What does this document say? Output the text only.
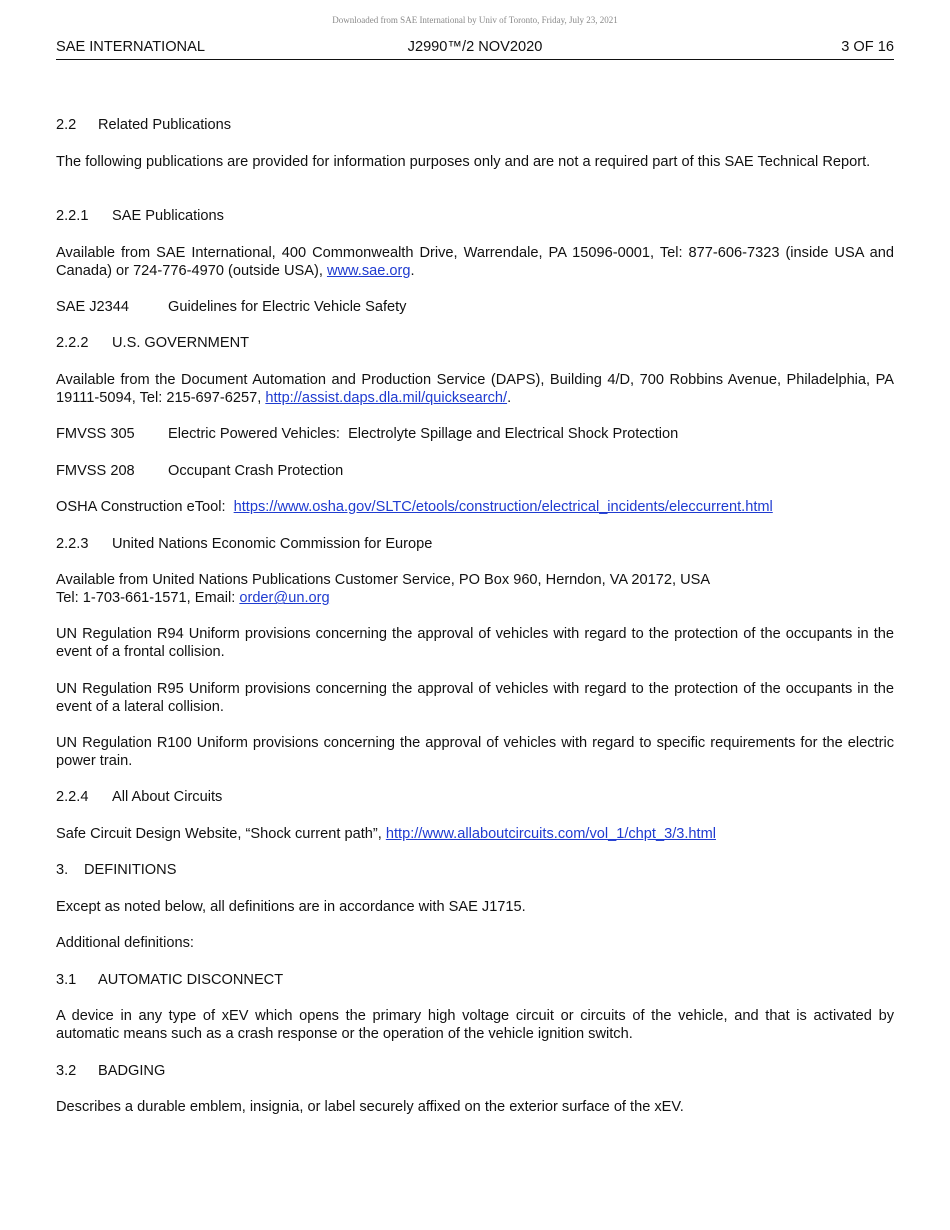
Downloaded from SAE International by Univ of Toronto, Friday, July 23, 2021
SAE INTERNATIONAL	J2990™/2 NOV2020	3 OF 16
2.2 Related Publications
The following publications are provided for information purposes only and are not a required part of this SAE Technical Report.
2.2.1 SAE Publications
Available from SAE International, 400 Commonwealth Drive, Warrendale, PA 15096-0001, Tel: 877-606-7323 (inside USA and Canada) or 724-776-4970 (outside USA), www.sae.org.
SAE J2344	Guidelines for Electric Vehicle Safety
2.2.2 U.S. GOVERNMENT
Available from the Document Automation and Production Service (DAPS), Building 4/D, 700 Robbins Avenue, Philadelphia, PA 19111-5094, Tel: 215-697-6257, http://assist.daps.dla.mil/quicksearch/.
FMVSS 305 Electric Powered Vehicles:  Electrolyte Spillage and Electrical Shock Protection
FMVSS 208 Occupant Crash Protection
OSHA Construction eTool:  https://www.osha.gov/SLTC/etools/construction/electrical_incidents/eleccurrent.html
2.2.3 United Nations Economic Commission for Europe
Available from United Nations Publications Customer Service, PO Box 960, Herndon, VA 20172, USA
Tel: 1-703-661-1571, Email: order@un.org
UN Regulation R94 Uniform provisions concerning the approval of vehicles with regard to the protection of the occupants in the event of a frontal collision.
UN Regulation R95 Uniform provisions concerning the approval of vehicles with regard to the protection of the occupants in the event of a lateral collision.
UN Regulation R100 Uniform provisions concerning the approval of vehicles with regard to specific requirements for the electric power train.
2.2.4 All About Circuits
Safe Circuit Design Website, “Shock current path”, http://www.allaboutcircuits.com/vol_1/chpt_3/3.html
3. DEFINITIONS
Except as noted below, all definitions are in accordance with SAE J1715.
Additional definitions:
3.1 AUTOMATIC DISCONNECT
A device in any type of xEV which opens the primary high voltage circuit or circuits of the vehicle, and that is activated by automatic means such as a crash response or the operation of the vehicle ignition switch.
3.2 BADGING
Describes a durable emblem, insignia, or label securely affixed on the exterior surface of the xEV.
